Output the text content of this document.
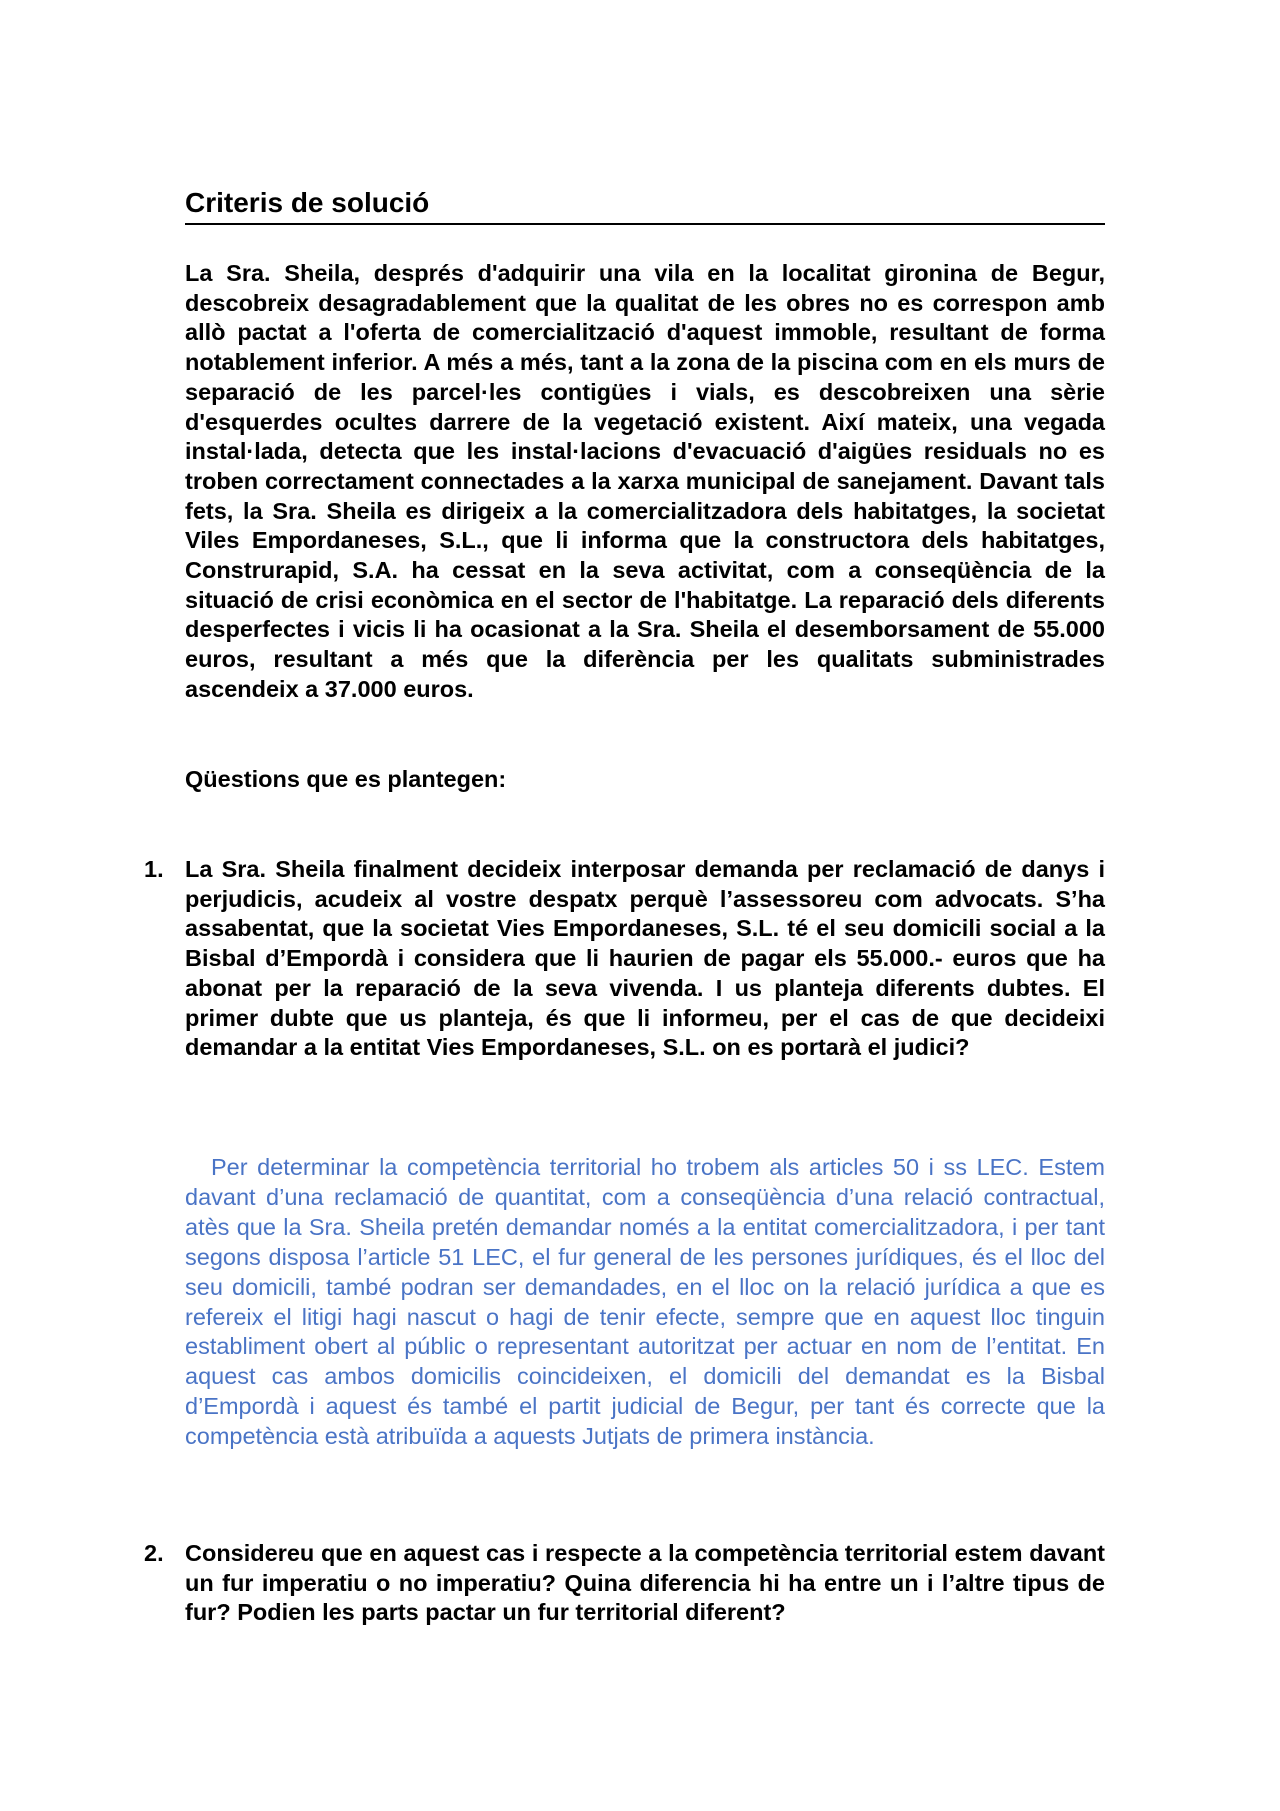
Criteris de solució
La Sra. Sheila, després d'adquirir una vila en la localitat gironina de Begur, descobreix desagradablement que la qualitat de les obres no es correspon amb allò pactat a l'oferta de comercialització d'aquest immoble, resultant de forma notablement inferior. A més a més, tant a la zona de la piscina com en els murs de separació de les parcel·les contigües i vials, es descobreixen una sèrie d'esquerdes ocultes darrere de la vegetació existent. Així mateix, una vegada instal·lada, detecta que les instal·lacions d'evacuació d'aigües residuals no es troben correctament connectades a la xarxa municipal de sanejament. Davant tals fets, la Sra. Sheila es dirigeix a la comercialitzadora dels habitatges, la societat Viles Empordaneses, S.L., que li informa que la constructora dels habitatges, Construrapid, S.A. ha cessat en la seva activitat, com a conseqüència de la situació de crisi econòmica en el sector de l'habitatge. La reparació dels diferents desperfectes i vicis li ha ocasionat a la Sra. Sheila el desemborsament de 55.000 euros, resultant a més que la diferència per les qualitats subministrades ascendeix a 37.000 euros.
Qüestions que es plantegen:
1. La Sra. Sheila finalment decideix interposar demanda per reclamació de danys i perjudicis, acudeix al vostre despatx perquè l’assessoreu com advocats. S’ha assabentat, que la societat Vies Empordaneses, S.L. té el seu domicili social a la Bisbal d’Empordà i considera que li haurien de pagar els 55.000.- euros que ha abonat per la reparació de la seva vivenda. I us planteja diferents dubtes. El primer dubte que us planteja, és que li informeu, per el cas de que decideixi demandar a la entitat Vies Empordaneses, S.L. on es portarà el judici?
Per determinar la competència territorial ho trobem als articles 50 i ss LEC. Estem davant d’una reclamació de quantitat, com a conseqüència d’una relació contractual, atès que la Sra. Sheila pretén demandar només a la entitat comercialitzadora, i per tant segons disposa l’article 51 LEC, el fur general de les persones jurídiques, és el lloc del seu domicili, també podran ser demandades, en el lloc on la relació jurídica a que es refereix el litigi hagi nascut o hagi de tenir efecte, sempre que en aquest lloc tinguin establiment obert al públic o representant autoritzat per actuar en nom de l’entitat. En aquest cas ambos domicilis coincideixen, el domicili del demandat es la Bisbal d’Empordà i aquest és també el partit judicial de Begur, per tant és correcte que la competència està atribuïda a aquests Jutjats de primera instància.
2. Considereu que en aquest cas i respecte a la competència territorial estem davant un fur imperatiu o no imperatiu? Quina diferencia hi ha entre un i l’altre tipus de fur? Podien les parts pactar un fur territorial diferent?
